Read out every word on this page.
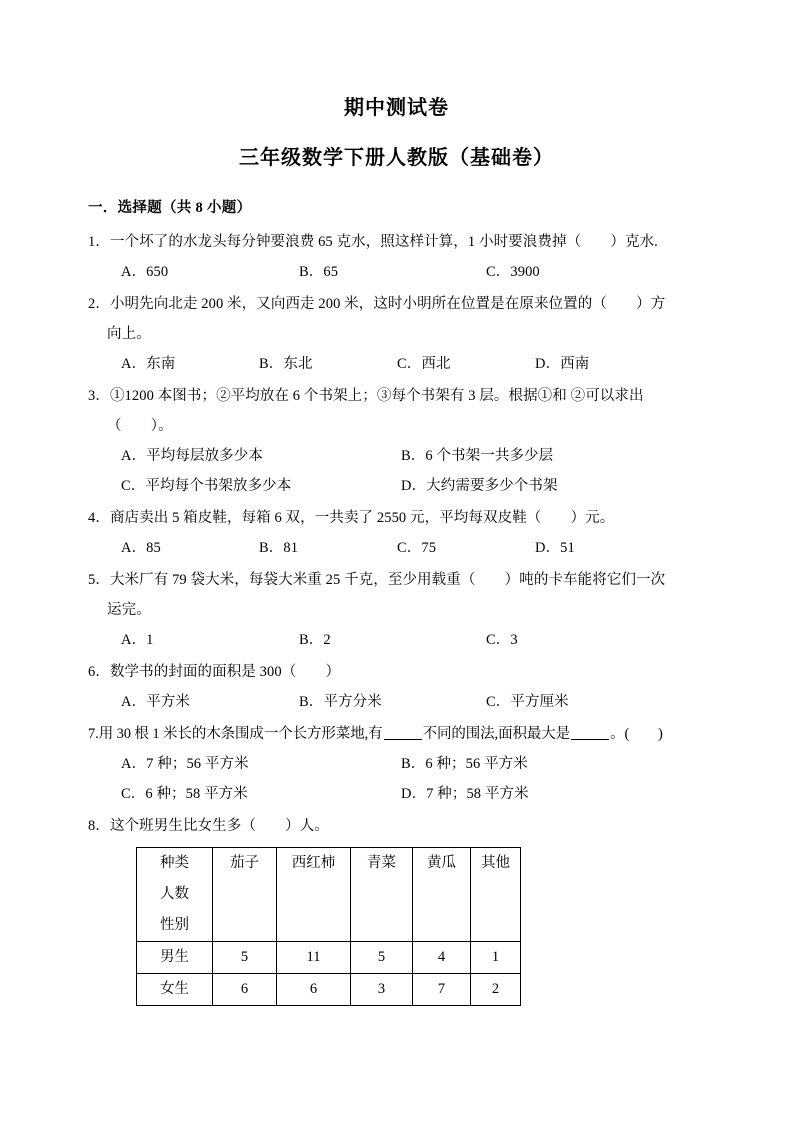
期中测试卷
三年级数学下册人教版（基础卷）
一．选择题（共 8 小题）
1．一个坏了的水龙头每分钟要浪费 65 克水，照这样计算，1 小时要浪费掉（　　）克水.
A．650	B．65	C．3900
2．小明先向北走 200 米，又向西走 200 米，这时小明所在位置是在原来位置的（　　）方
向上。
A．东南	B．东北	C．西北	D．西南
3．①1200 本图书；②平均放在 6 个书架上；③每个书架有 3 层。根据①和 ②可以求出
（　　）。
A．平均每层放多少本	B．6 个书架一共多少层
C．平均每个书架放多少本	D．大约需要多少个书架
4．商店卖出 5 箱皮鞋，每箱 6 双，一共卖了 2550 元，平均每双皮鞋（　　）元。
A．85	B．81	C．75	D．51
5．大米厂有 79 袋大米，每袋大米重 25 千克，至少用载重（　　）吨的卡车能将它们一次
运完。
A．1	B．2	C．3
6．数学书的封面的面积是 300（　　）
A．平方米	B．平方分米	C．平方厘米
7.用 30 根 1 米长的木条围成一个长方形菜地,有	不同的围法,面积最大是	。(　　)
A．7 种；56 平方米	B．6 种；56 平方米
C．6 种；58 平方米	D．7 种；58 平方米
8．这个班男生比女生多（　　）人。
种类
人数
性别	茄子	西红柿	青菜	黄瓜	其他
男生	5	11	5	4	1
女生	6	6	3	7	2
